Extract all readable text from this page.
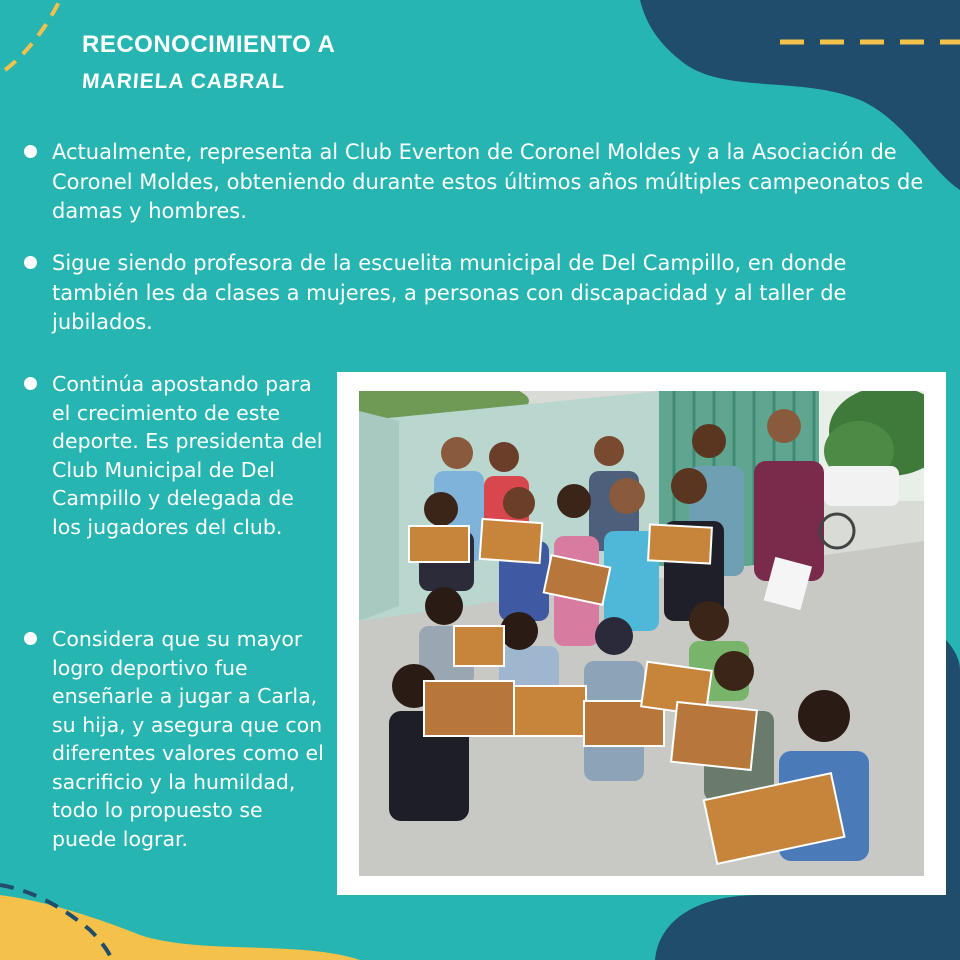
RECONOCIMIENTO A
MARIELA CABRAL

Actualmente, representa al Club Everton de Coronel Moldes y a la Asociación de Coronel Moldes, obteniendo durante estos últimos años múltiples campeonatos de damas y hombres.

Sigue siendo profesora de la escuelita municipal de Del Campillo, en donde también les da clases a mujeres, a personas con discapacidad y al taller de jubilados.

Continúa apostando para el crecimiento de este deporte. Es presidenta del Club Municipal de Del Campillo y delegada de los jugadores del club.

Considera que su mayor logro deportivo fue enseñarle a jugar a Carla, su hija, y asegura que con diferentes valores como el sacrificio y la humildad, todo lo propuesto se puede lograr.
